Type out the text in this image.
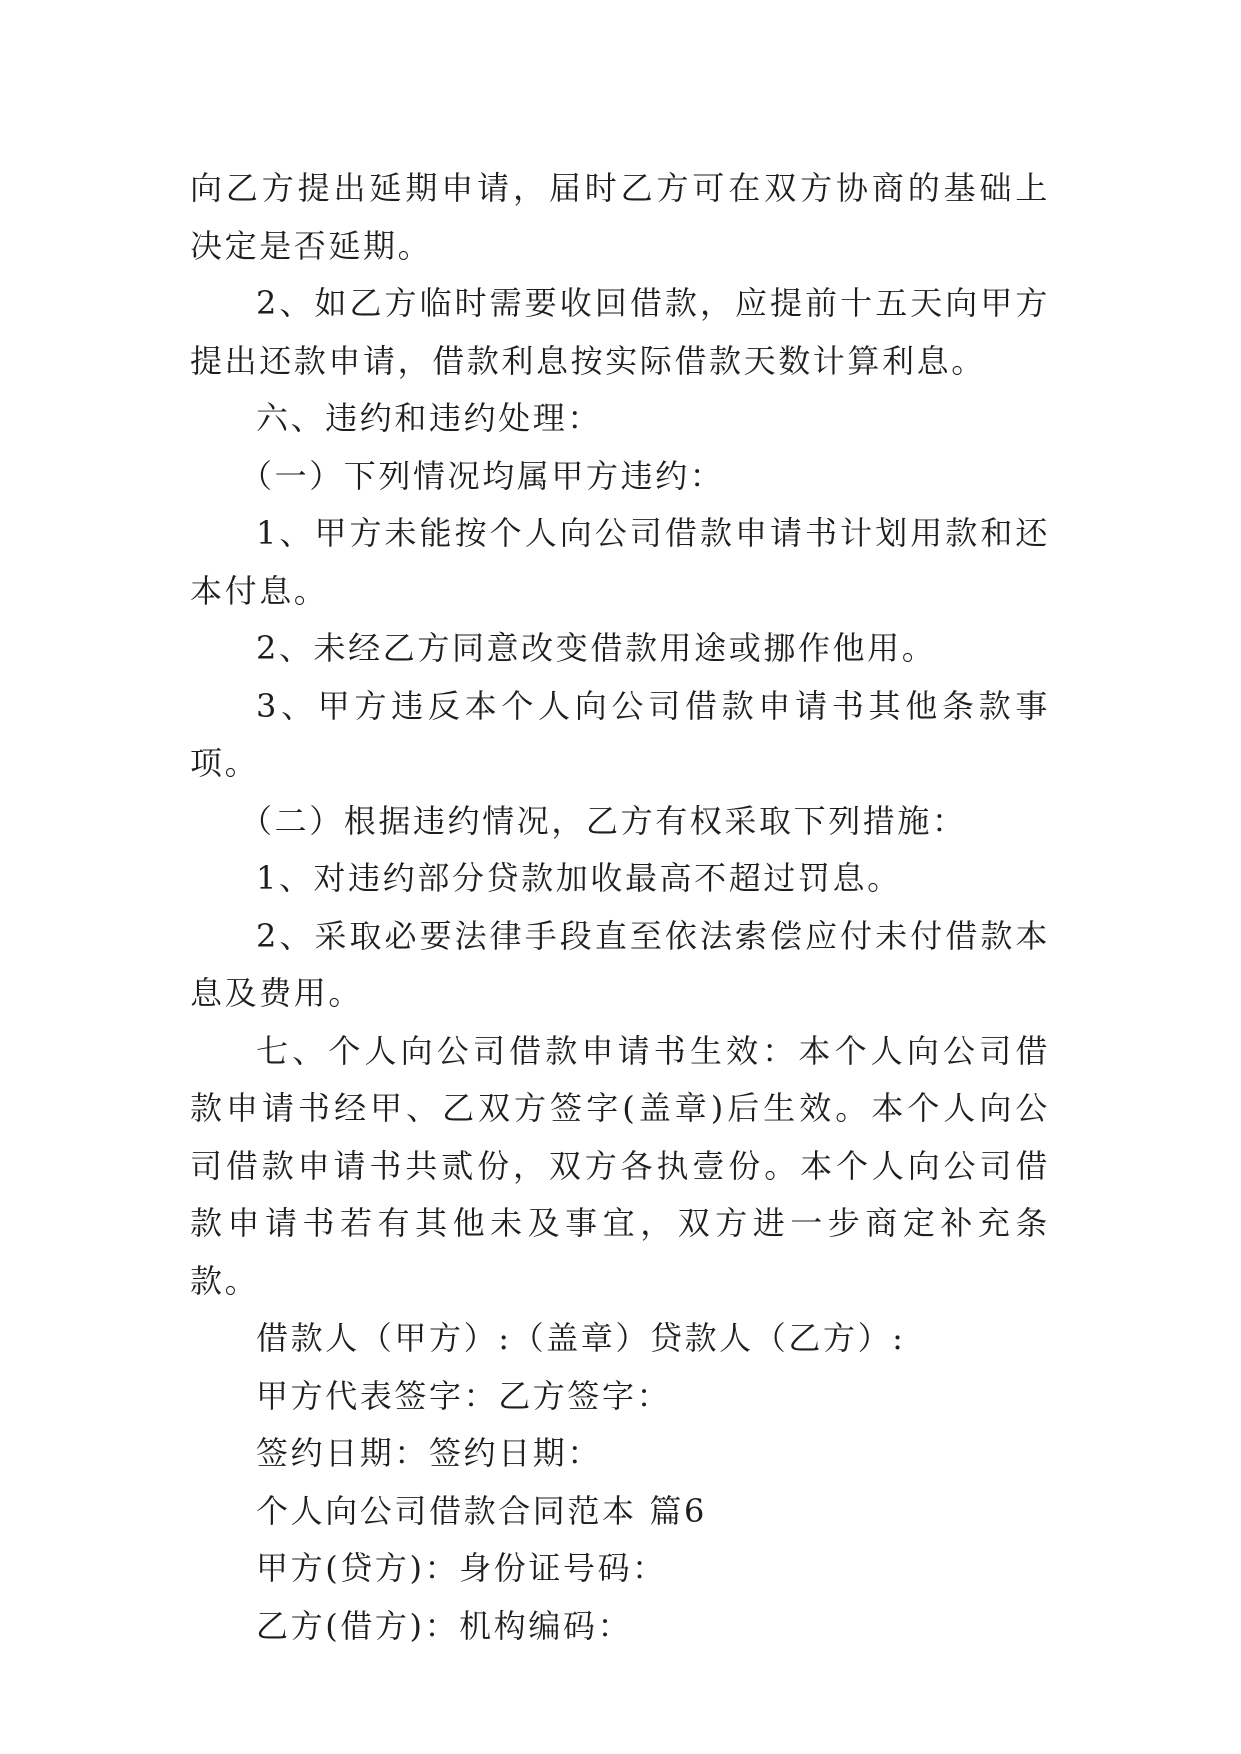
向乙方提出延期申请，届时乙方可在双方协商的基础上决定是否延期。

2、如乙方临时需要收回借款，应提前十五天向甲方提出还款申请，借款利息按实际借款天数计算利息。

六、违约和违约处理：

（一）下列情况均属甲方违约：

1、甲方未能按个人向公司借款申请书计划用款和还本付息。

2、未经乙方同意改变借款用途或挪作他用。

3、甲方违反本个人向公司借款申请书其他条款事项。

（二）根据违约情况，乙方有权采取下列措施：

1、对违约部分贷款加收最高不超过罚息。

2、采取必要法律手段直至依法索偿应付未付借款本息及费用。

七、个人向公司借款申请书生效：本个人向公司借款申请书经甲、乙双方签字(盖章)后生效。本个人向公司借款申请书共贰份，双方各执壹份。本个人向公司借款申请书若有其他未及事宜，双方进一步商定补充条款。

借款人（甲方）:（盖章）贷款人（乙方）:

甲方代表签字：乙方签字：

签约日期：签约日期：

个人向公司借款合同范本 篇6

甲方(贷方)：身份证号码：

乙方(借方)：机构编码：
